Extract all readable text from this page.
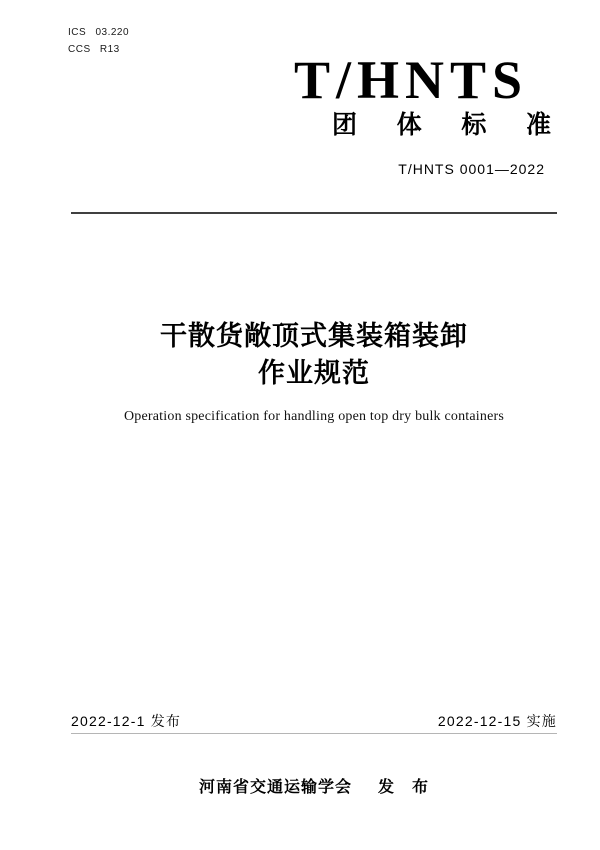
ICS 03.220
CCS R13
T/HNTS
团 体 标 准
T/HNTS 0001—2022
干散货敞顶式集装箱装卸
作业规范
Operation specification for handling open top dry bulk containers
2022-12-1 发布	2022-12-15 实施
河南省交通运输学会 发　布
